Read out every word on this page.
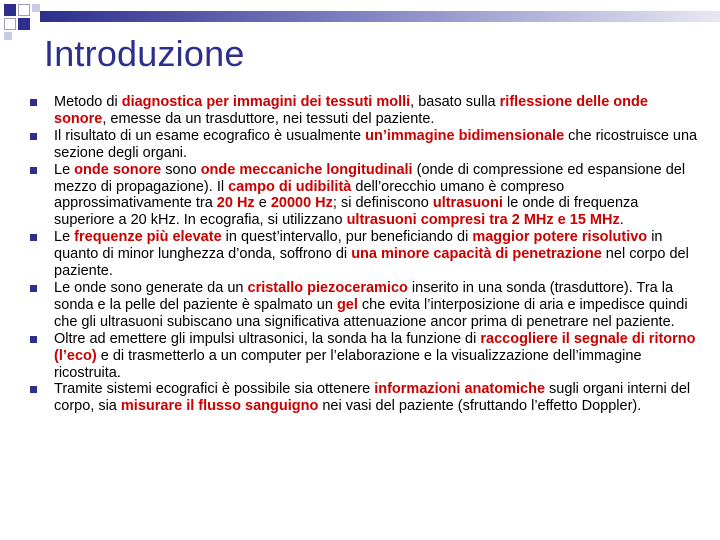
Introduzione
Metodo di diagnostica per immagini dei tessuti molli, basato sulla riflessione delle onde sonore, emesse da un trasduttore, nei tessuti del paziente.
Il risultato di un esame ecografico è usualmente un’immagine bidimensionale che ricostruisce una sezione degli organi.
Le onde sonore sono onde meccaniche longitudinali (onde di compressione ed espansione del mezzo di propagazione). Il campo di udibilità dell’orecchio umano è compreso approssimativamente tra 20 Hz e 20000 Hz; si definiscono ultrasuoni le onde di frequenza superiore a 20 kHz. In ecografia, si utilizzano ultrasuoni compresi tra 2 MHz e 15 MHz.
Le frequenze più elevate in quest’intervallo, pur beneficiando di maggior potere risolutivo in quanto di minor lunghezza d’onda, soffrono di una minore capacità di penetrazione nel corpo del paziente.
Le onde sono generate da un cristallo piezoceramico inserito in una sonda (trasduttore). Tra la sonda e la pelle del paziente è spalmato un gel che evita l’interposizione di aria e impedisce quindi che gli ultrasuoni subiscano una significativa attenuazione ancor prima di penetrare nel paziente.
Oltre ad emettere gli impulsi ultrasonici, la sonda ha la funzione di raccogliere il segnale di ritorno (l’eco) e di trasmetterlo a un computer per l’elaborazione e la visualizzazione dell’immagine ricostruita.
Tramite sistemi ecografici è possibile sia ottenere informazioni anatomiche sugli organi interni del corpo, sia misurare il flusso sanguigno nei vasi del paziente (sfruttando l’effetto Doppler).
